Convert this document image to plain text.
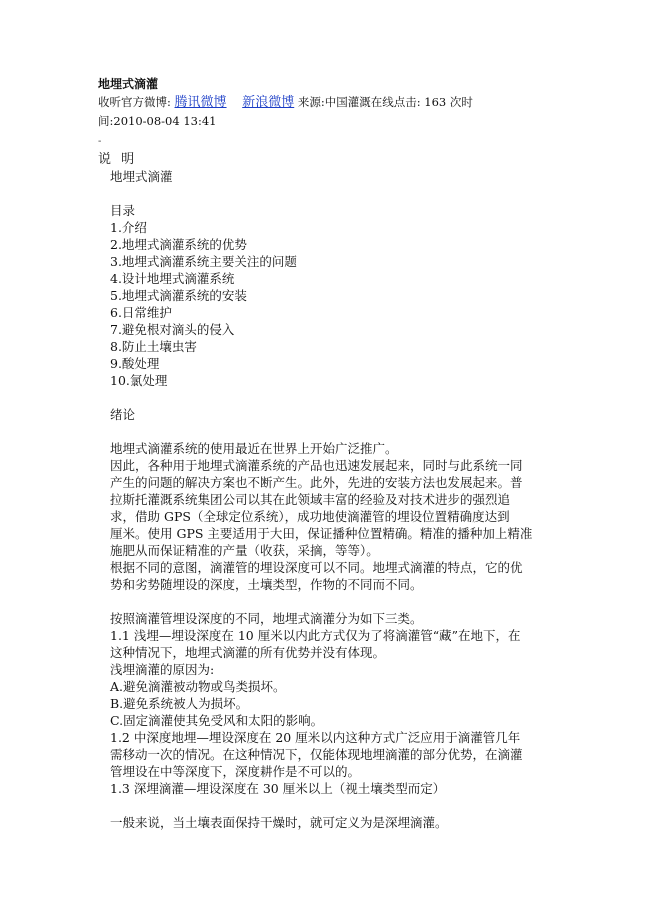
地埋式滴灌
收听官方微博: 腾讯微博 新浪微博 来源:中国灌溉在线点击: 163 次时
间:2010-08-04 13:41
-
说 明
地埋式滴灌
目录
1.介绍
2.地埋式滴灌系统的优势
3.地埋式滴灌系统主要关注的问题
4.设计地埋式滴灌系统
5.地埋式滴灌系统的安装
6.日常维护
7.避免根对滴头的侵入
8.防止土壤虫害
9.酸处理
10.氯处理
绪论
地埋式滴灌系统的使用最近在世界上开始广泛推广。
因此，各种用于地埋式滴灌系统的产品也迅速发展起来，同时与此系统一同
产生的问题的解决方案也不断产生。此外，先进的安装方法也发展起来。普
拉斯托灌溉系统集团公司以其在此领域丰富的经验及对技术进步的强烈追
求，借助 GPS（全球定位系统），成功地使滴灌管的埋设位置精确度达到
厘米。使用 GPS 主要适用于大田，保证播种位置精确。精准的播种加上精准
施肥从而保证精准的产量（收获，采摘，等等）。
根据不同的意图，滴灌管的埋设深度可以不同。地埋式滴灌的特点，它的优
势和劣势随埋设的深度，土壤类型，作物的不同而不同。
按照滴灌管埋设深度的不同，地埋式滴灌分为如下三类。
1.1 浅埋—埋设深度在 10 厘米以内此方式仅为了将滴灌管“藏”在地下，在
这种情况下，地埋式滴灌的所有优势并没有体现。
浅埋滴灌的原因为:
A.避免滴灌被动物或鸟类损坏。
B.避免系统被人为损坏。
C.固定滴灌使其免受风和太阳的影响。
1.2 中深度地埋—埋设深度在 20 厘米以内这种方式广泛应用于滴灌管几年
需移动一次的情况。在这种情况下，仅能体现地埋滴灌的部分优势，在滴灌
管埋设在中等深度下，深度耕作是不可以的。
1.3 深埋滴灌—埋设深度在 30 厘米以上（视土壤类型而定）
一般来说，当土壤表面保持干燥时，就可定义为是深埋滴灌。
